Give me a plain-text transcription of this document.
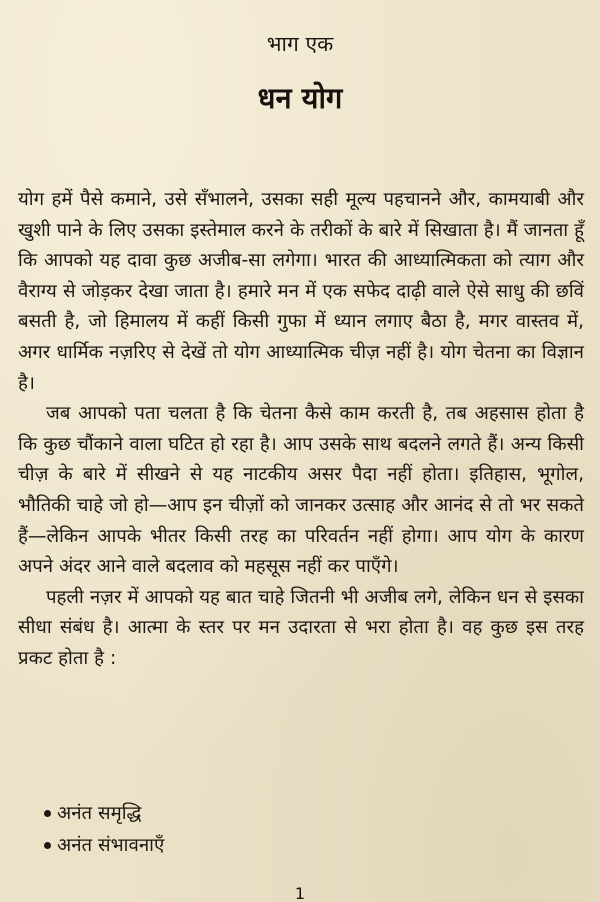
भाग एक
धन योग

योग हमें पैसे कमाने, उसे सँभालने, उसका सही मूल्य पहचानने और, कामयाबी और खुशी पाने के लिए उसका इस्तेमाल करने के तरीकों के बारे में सिखाता है। मैं जानता हूँ कि आपको यह दावा कुछ अजीब-सा लगेगा। भारत की आध्यात्मिकता को त्याग और वैराग्य से जोड़कर देखा जाता है। हमारे मन में एक सफेद दाढ़ी वाले ऐसे साधु की छविं बसती है, जो हिमालय में कहीं किसी गुफा में ध्यान लगाए बैठा है, मगर वास्तव में, अगर धार्मिक नज़रिए से देखें तो योग आध्यात्मिक चीज़ नहीं है। योग चेतना का विज्ञान है।

जब आपको पता चलता है कि चेतना कैसे काम करती है, तब अहसास होता है कि कुछ चौंकाने वाला घटित हो रहा है। आप उसके साथ बदलने लगते हैं। अन्य किसी चीज़ के बारे में सीखने से यह नाटकीय असर पैदा नहीं होता। इतिहास, भूगोल, भौतिकी चाहे जो हो—आप इन चीज़ों को जानकर उत्साह और आनंद से तो भर सकते हैं—लेकिन आपके भीतर किसी तरह का परिवर्तन नहीं होगा। आप योग के कारण अपने अंदर आने वाले बदलाव को महसूस नहीं कर पाएँगे।

पहली नज़र में आपको यह बात चाहे जितनी भी अजीब लगे, लेकिन धन से इसका सीधा संबंध है। आत्मा के स्तर पर मन उदारता से भरा होता है। वह कुछ इस तरह प्रकट होता है :

अनंत समृद्धि
अनंत संभावनाएँ
1
